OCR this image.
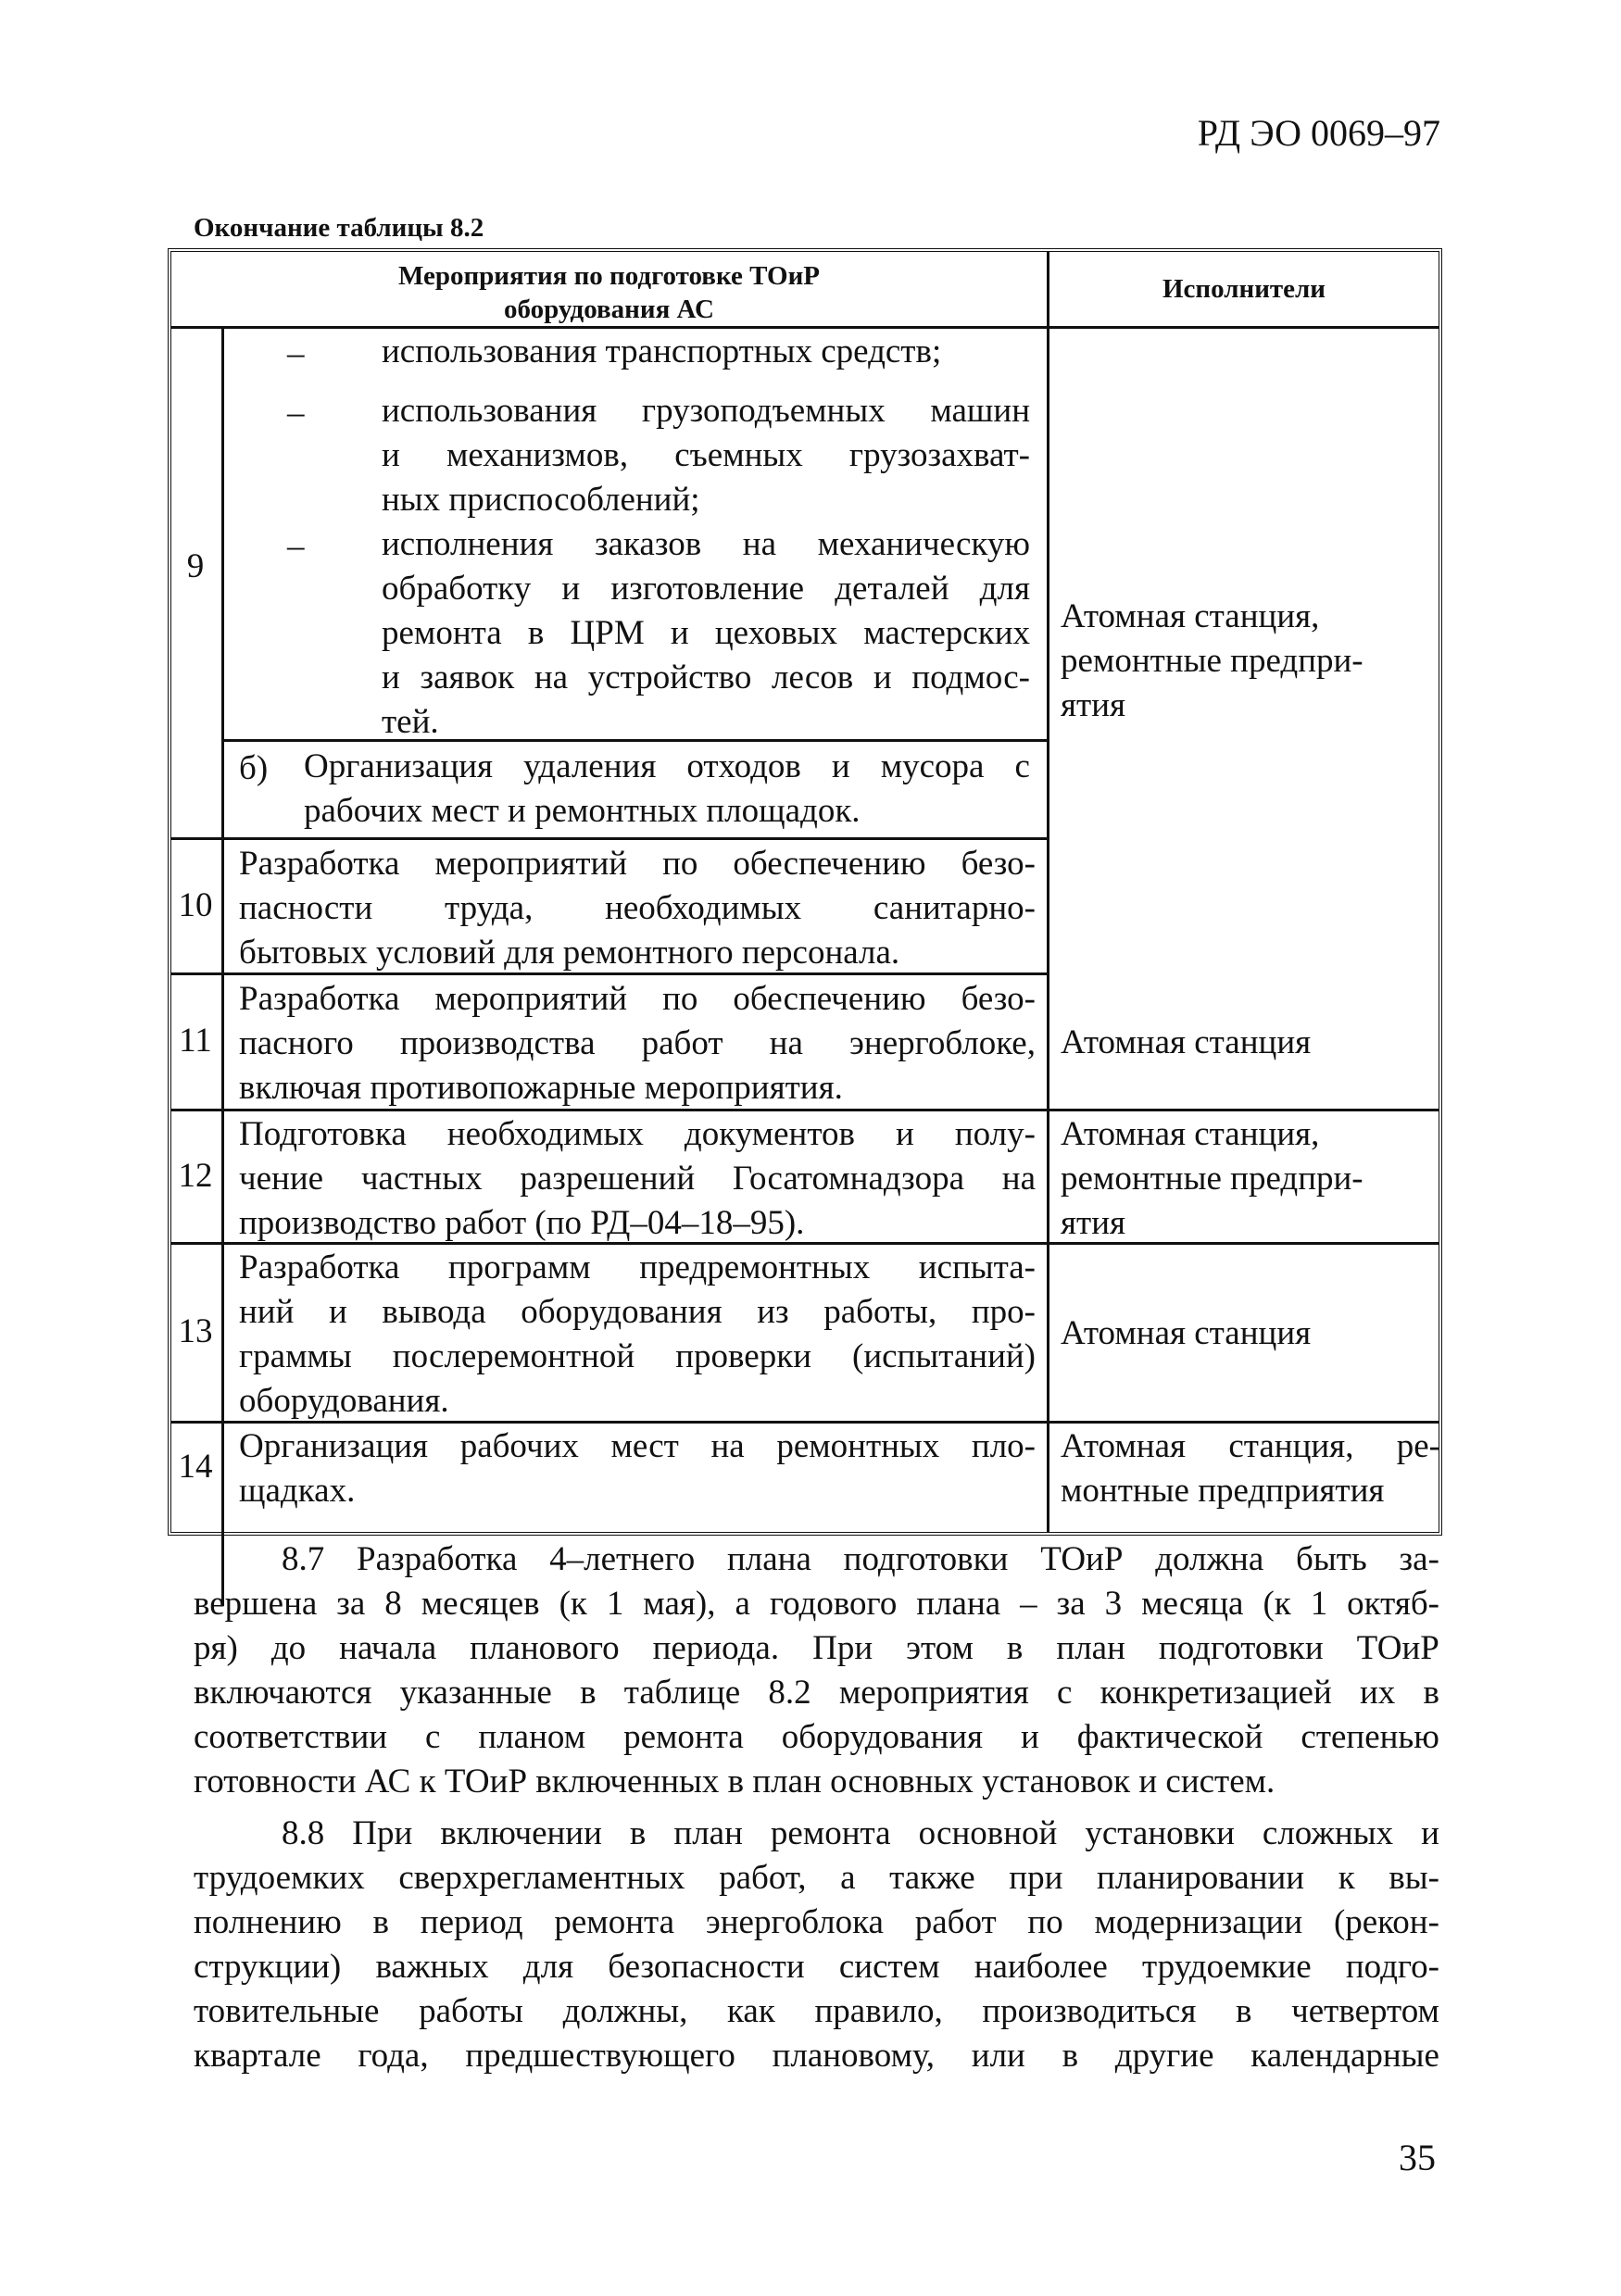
РД ЭО 0069–97
Окончание таблицы 8.2
Мероприятия по подготовке ТОиР
оборудования АС
Исполнители
9
– использования транспортных средств;
– использования грузоподъемных машин
и механизмов, съемных грузозахват-
ных приспособлений;
– исполнения заказов на механическую
обработку и изготовление деталей для
ремонта в ЦРМ и цеховых мастерских
и заявок на устройство лесов и подмос-
тей.
б) Организация удаления отходов и мусора с
рабочих мест и ремонтных площадок.
Атомная станция,
ремонтные предпри-
ятия
10
Разработка мероприятий по обеспечению безо-
пасности труда, необходимых санитарно-
бытовых условий для ремонтного персонала.
11
Разработка мероприятий по обеспечению безо-
пасного производства работ на энергоблоке,
включая противопожарные мероприятия.
Атомная станция
12
Подготовка необходимых документов и полу-
чение частных разрешений Госатомнадзора на
производство работ (по РД–04–18–95).
Атомная станция,
ремонтные предпри-
ятия
13
Разработка программ предремонтных испыта-
ний и вывода оборудования из работы, про-
граммы послеремонтной проверки (испытаний)
оборудования.
Атомная станция
14
Организация рабочих мест на ремонтных пло-
щадках.
Атомная станция, ре-
монтные предприятия
8.7 Разработка 4–летнего плана подготовки ТОиР должна быть за-
вершена за 8 месяцев (к 1 мая), а годового плана – за 3 месяца (к 1 октяб-
ря) до начала планового периода. При этом в план подготовки ТОиР
включаются указанные в таблице 8.2 мероприятия с конкретизацией их в
соответствии с планом ремонта оборудования и фактической степенью
готовности АС к ТОиР включенных в план основных установок и систем.
8.8 При включении в план ремонта основной установки сложных и
трудоемких сверхрегламентных работ, а также при планировании к вы-
полнению в период ремонта энергоблока работ по модернизации (рекон-
струкции) важных для безопасности систем наиболее трудоемкие подго-
товительные работы должны, как правило, производиться в четвертом
квартале года, предшествующего плановому, или в другие календарные
35
